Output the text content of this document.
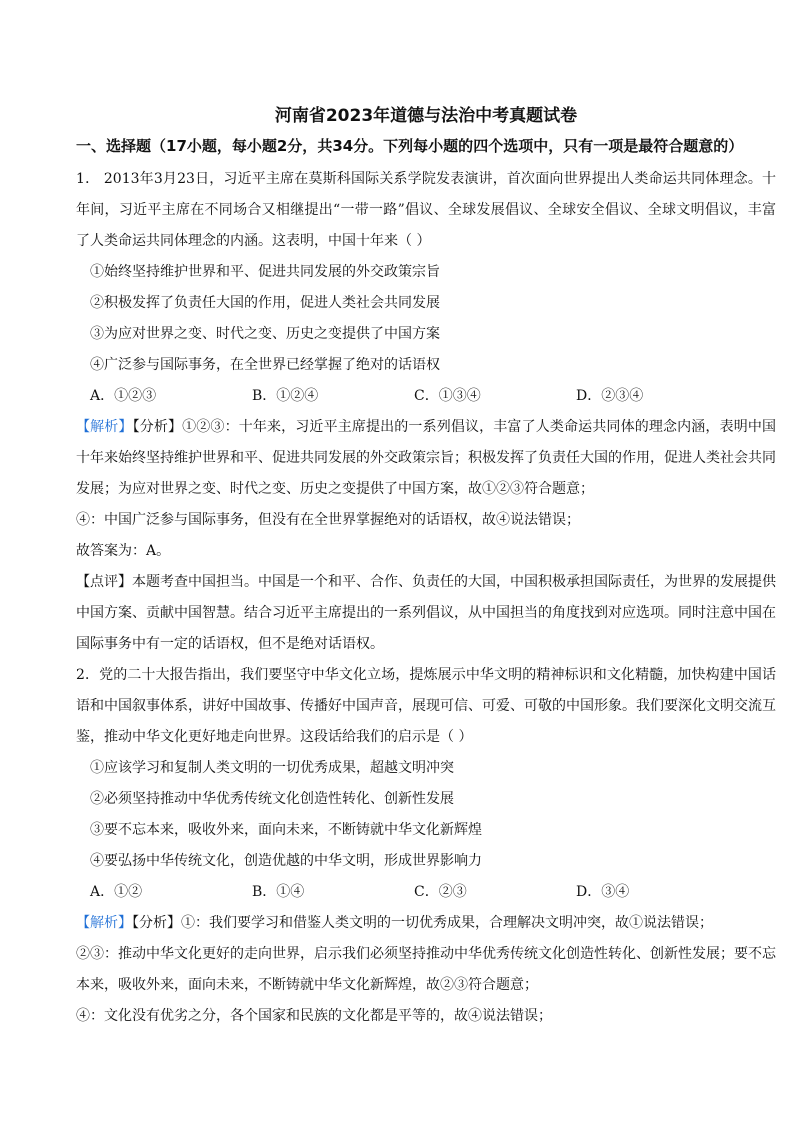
河南省2023年道德与法治中考真题试卷
一、选择题（17小题，每小题2分，共34分。下列每小题的四个选项中，只有一项是最符合题意的）

1． 2013年3月23日，习近平主席在莫斯科国际关系学院发表演讲，首次面向世界提出人类命运共同体理念。十年间，习近平主席在不同场合又相继提出“一带一路”倡议、全球发展倡议、全球安全倡议、全球文明倡议，丰富了人类命运共同体理念的内涵。这表明，中国十年来（ ）

①始终坚持维护世界和平、促进共同发展的外交政策宗旨

②积极发挥了负责任大国的作用，促进人类社会共同发展

③为应对世界之变、时代之变、历史之变提供了中国方案

④广泛参与国际事务，在全世界已经掌握了绝对的话语权

A．①②③	B．①②④	C．①③④	D．②③④

【解析】【分析】①②③：十年来，习近平主席提出的一系列倡议，丰富了人类命运共同体的理念内涵，表明中国十年来始终坚持维护世界和平、促进共同发展的外交政策宗旨；积极发挥了负责任大国的作用，促进人类社会共同发展；为应对世界之变、时代之变、历史之变提供了中国方案，故①②③符合题意；

④：中国广泛参与国际事务，但没有在全世界掌握绝对的话语权，故④说法错误；

故答案为：A。

【点评】本题考查中国担当。中国是一个和平、合作、负责任的大国，中国积极承担国际责任，为世界的发展提供中国方案、贡献中国智慧。结合习近平主席提出的一系列倡议，从中国担当的角度找到对应选项。同时注意中国在国际事务中有一定的话语权，但不是绝对话语权。

2．党的二十大报告指出，我们要坚守中华文化立场，提炼展示中华文明的精神标识和文化精髓，加快构建中国话语和中国叙事体系，讲好中国故事、传播好中国声音，展现可信、可爱、可敬的中国形象。我们要深化文明交流互鉴，推动中华文化更好地走向世界。这段话给我们的启示是（ ）

①应该学习和复制人类文明的一切优秀成果，超越文明冲突

②必须坚持推动中华优秀传统文化创造性转化、创新性发展

③要不忘本来，吸收外来，面向未来，不断铸就中华文化新辉煌

④要弘扬中华传统文化，创造优越的中华文明，形成世界影响力

A．①②	B．①④	C．②③	D．③④

【解析】【分析】①：我们要学习和借鉴人类文明的一切优秀成果，合理解决文明冲突，故①说法错误；

②③：推动中华文化更好的走向世界，启示我们必须坚持推动中华优秀传统文化创造性转化、创新性发展；要不忘本来，吸收外来，面向未来，不断铸就中华文化新辉煌，故②③符合题意；

④：文化没有优劣之分，各个国家和民族的文化都是平等的，故④说法错误；
